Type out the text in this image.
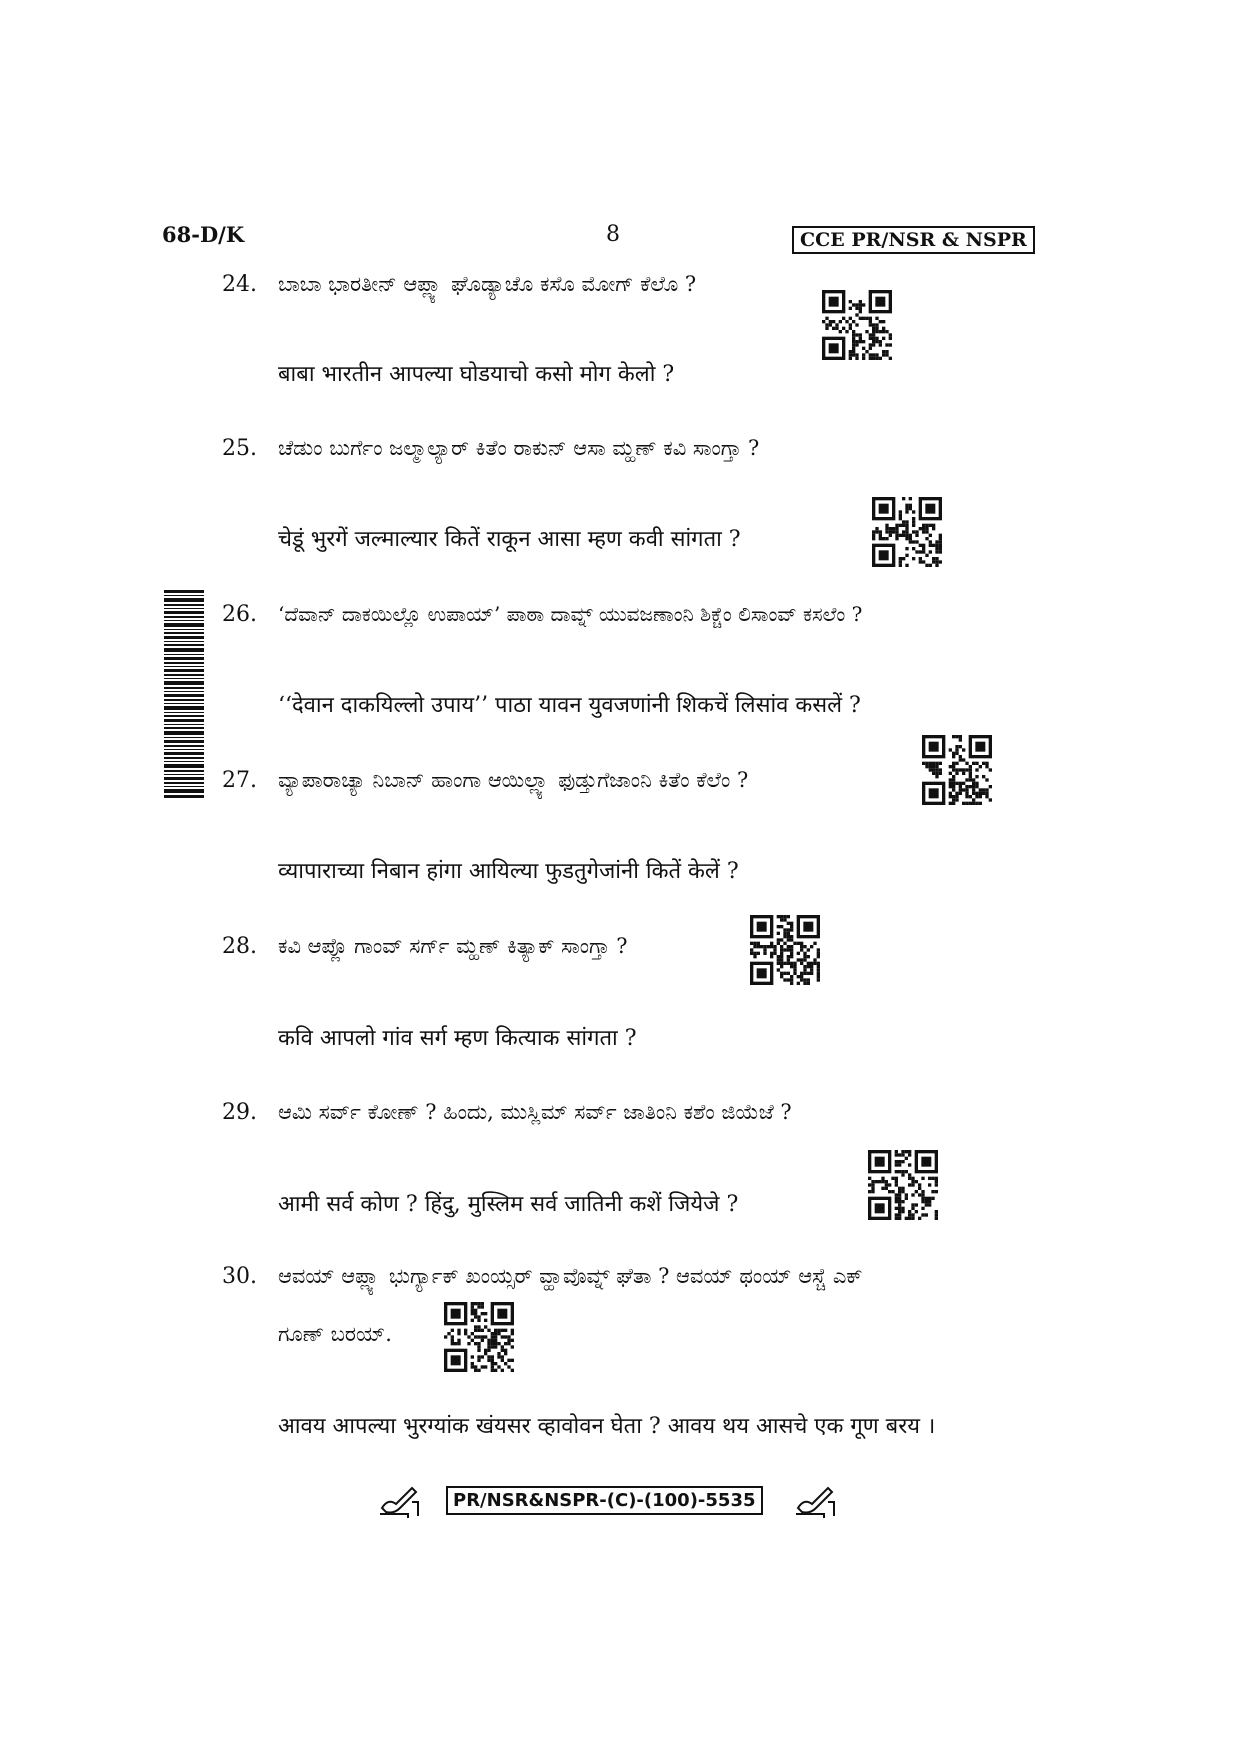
68-D/K	8	CCE PR/NSR & NSPR
24.	ಬಾಬಾ ಭಾರತೀನ್ ಆಪ್ಲ್ಯಾ ಘೊಡ್ಯಾಚೊ ಕಸೊ ಮೋಗ್ ಕೆಲೊ ?
बाबा भारतीन आपल्या घोडयाचो कसो मोग केलो ?
25.	ಚೆಡುಂ ಬುರ್ಗೆಂ ಜಲ್ಮಾಲ್ಯಾರ್ ಕಿತೆಂ ರಾಕುನ್ ಆಸಾ ಮ್ಹಣ್ ಕವಿ ಸಾಂಗ್ತಾ ?
चेडूं भुरगें जल्माल्यार कितें राकून आसा म्हण कवी सांगता ?
26.	‘ದೆವಾನ್ ದಾಕಯಿಲ್ಲೊ ಉಪಾಯ್’ ಪಾಠಾ ದಾವ್ನ್ ಯುವಜಣಾಂನಿ ಶಿಕ್ಚೆಂ ಲಿಸಾಂವ್ ಕಸಲೆಂ ?
‘‘देवान दाकयिल्लो उपाय’’ पाठा यावन युवजणांनी शिकचें लिसांव कसलें ?
27.	ವ್ಯಾಪಾರಾಚ್ಯಾ ನಿಬಾನ್ ಹಾಂಗಾ ಆಯಿಲ್ಲ್ಯಾ ಫುಡ್ತುಗೆಜಾಂನಿ ಕಿತೆಂ ಕೆಲೆಂ ?
व्यापाराच्या निबान हांगा आयिल्या फुडतुगेजांनी कितें केलें ?
28.	ಕವಿ ಆಪ್ಲೊ ಗಾಂವ್ ಸರ್ಗ್ ಮ್ಹಣ್ ಕಿತ್ಯಾಕ್ ಸಾಂಗ್ತಾ ?
कवि आपलो गांव सर्ग म्हण कित्याक सांगता ?
29.	ಆಮಿ ಸರ್ವ್ ಕೋಣ್ ? ಹಿಂದು, ಮುಸ್ಲಿಮ್ ಸರ್ವ್ ಜಾತಿಂನಿ ಕಶೆಂ ಜಿಯೆಜೆ ?
आमी सर्व कोण ? हिंदु, मुस्लिम सर्व जातिनी कशें जियेजे ?
30.	ಆವಯ್ ಆಪ್ಲ್ಯಾ ಭುರ್ಗ್ಯಾಕ್ ಖಂಯ್ಸರ್ ವ್ಹಾವೊವ್ನ್ ಘೆತಾ ? ಆವಯ್ ಥಂಯ್ ಆಸ್ಚೆ ಎಕ್
ಗೂಣ್ ಬರಯ್.
आवय आपल्या भुरग्यांक खंयसर व्हावोवन घेता ? आवय थय आसचे एक गूण बरय ।
PR/NSR&NSPR-(C)-(100)-5535
